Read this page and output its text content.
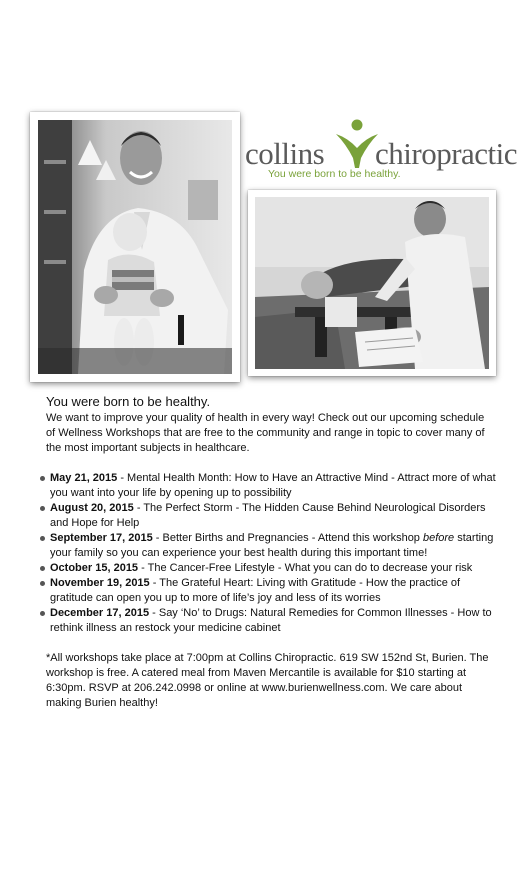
collins chiropractic
You were born to be healthy.
You were born to be healthy.

We want to improve your quality of health in every way! Check out our upcoming schedule of Wellness Workshops that are free to the community and range in topic to cover many of the most important subjects in healthcare.

May 21, 2015 - Mental Health Month: How to Have an Attractive Mind - Attract more of what you want into your life by opening up to possibility
August 20, 2015 - The Perfect Storm - The Hidden Cause Behind Neurological Disorders and Hope for Help
September 17, 2015 - Better Births and Pregnancies - Attend this workshop before starting your family so you can experience your best health during this important time!
October 15, 2015 - The Cancer-Free Lifestyle - What you can do to decrease your risk
November 19, 2015 - The Grateful Heart: Living with Gratitude - How the practice of gratitude can open you up to more of life’s joy and less of its worries
December 17, 2015 - Say ‘No’ to Drugs: Natural Remedies for Common Illnesses - How to rethink illness an restock your medicine cabinet

*All workshops take place at 7:00pm at Collins Chiropractic. 619 SW 152nd St, Burien. The workshop is free. A catered meal from Maven Mercantile is available for $10 starting at 6:30pm. RSVP at 206.242.0998 or online at www.burienwellness.com. We care about making Burien healthy!
